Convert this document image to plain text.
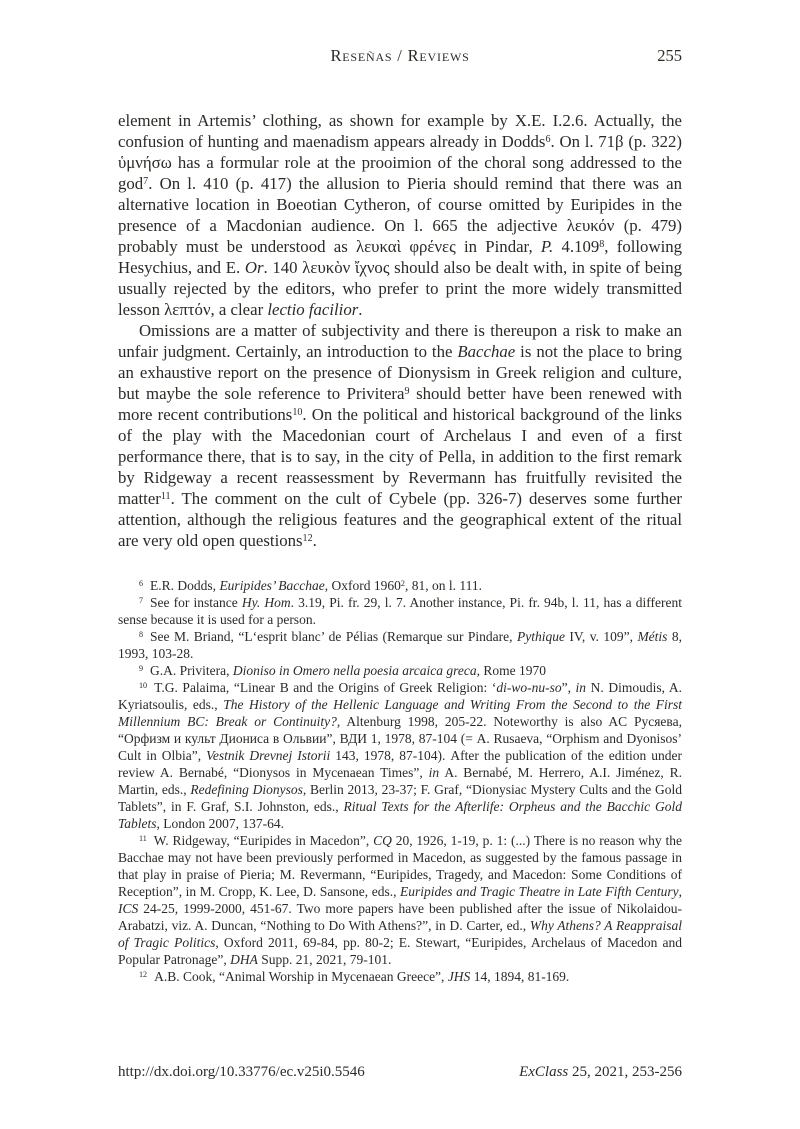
Reseñas / Reviews	255

element in Artemis’ clothing, as shown for example by X.E. I.2.6. Actually, the confusion of hunting and maenadism appears already in Dodds$^6$. On l. 71β (p. 322) ὑμνήσω has a formular role at the prooimion of the choral song addressed to the god$^7$. On l. 410 (p. 417) the allusion to Pieria should remind that there was an alternative location in Boeotian Cytheron, of course omitted by Euripides in the presence of a Macdonian audience. On l. 665 the adjective λευκόν (p. 479) probably must be understood as λευκαὶ φρένες in Pindar, P. 4.109$^8$, following Hesychius, and E. Or. 140 λευκὸν ἴχνος should also be dealt with, in spite of being usually rejected by the editors, who prefer to print the more widely transmitted lesson λεπτόν, a clear lectio facilior.

Omissions are a matter of subjectivity and there is thereupon a risk to make an unfair judgment. Certainly, an introduction to the Bacchae is not the place to bring an exhaustive report on the presence of Dionysism in Greek religion and culture, but maybe the sole reference to Privitera$^9$ should better have been renewed with more recent contributions$^{10}$. On the political and historical background of the links of the play with the Macedonian court of Archelaus I and even of a first performance there, that is to say, in the city of Pella, in addition to the first remark by Ridgeway a recent reassessment by Revermann has fruitfully revisited the matter$^{11}$. The comment on the cult of Cybele (pp. 326-7) deserves some further attention, although the religious features and the geographical extent of the ritual are very old open questions$^{12}$.

$^6$ E.R. Dodds, Euripides’ Bacchae, Oxford 1960$^2$, 81, on l. 111.

$^7$ See for instance Hy. Hom. 3.19, Pi. fr. 29, l. 7. Another instance, Pi. fr. 94b, l. 11, has a different sense because it is used for a person.

$^8$ See M. Briand, “L‘esprit blanc’ de Pélias (Remarque sur Pindare, Pythique IV, v. 109”, Métis 8, 1993, 103-28.

$^9$ G.A. Privitera, Dioniso in Omero nella poesia arcaica greca, Rome 1970

$^{10}$ T.G. Palaima, “Linear B and the Origins of Greek Religion: ‘di-wo-nu-so”, in N. Dimoudis, A. Kyriatsoulis, eds., The History of the Hellenic Language and Writing From the Second to the First Millennium BC: Break or Continuity?, Altenburg 1998, 205-22. Noteworthy is also AC Русяева, “Орфизм и культ Диониса в Ольвии”, ВДИ 1, 1978, 87-104 (= A. Rusaeva, “Orphism and Dyonisos’ Cult in Olbia”, Vestnik Drevnej Istorii 143, 1978, 87-104). After the publication of the edition under review A. Bernabé, “Dionysos in Mycenaean Times”, in A. Bernabé, M. Herrero, A.I. Jiménez, R. Martin, eds., Redefining Dionysos, Berlin 2013, 23-37; F. Graf, “Dionysiac Mystery Cults and the Gold Tablets”, in F. Graf, S.I. Johnston, eds., Ritual Texts for the Afterlife: Orpheus and the Bacchic Gold Tablets, London 2007, 137-64.

$^{11}$ W. Ridgeway, “Euripides in Macedon”, CQ 20, 1926, 1-19, p. 1: (...) There is no reason why the Bacchae may not have been previously performed in Macedon, as suggested by the famous passage in that play in praise of Pieria; M. Revermann, “Euripides, Tragedy, and Macedon: Some Conditions of Reception”, in M. Cropp, K. Lee, D. Sansone, eds., Euripides and Tragic Theatre in Late Fifth Century, ICS 24-25, 1999-2000, 451-67. Two more papers have been published after the issue of Nikolaidou-Arabatzi, viz. A. Duncan, “Nothing to Do With Athens?”, in D. Carter, ed., Why Athens? A Reappraisal of Tragic Politics, Oxford 2011, 69-84, pp. 80-2; E. Stewart, “Euripides, Archelaus of Macedon and Popular Patronage”, DHA Supp. 21, 2021, 79-101.

$^{12}$ A.B. Cook, “Animal Worship in Mycenaean Greece”, JHS 14, 1894, 81-169.

http://dx.doi.org/10.33776/ec.v25i0.5546	ExClass 25, 2021, 253-256
